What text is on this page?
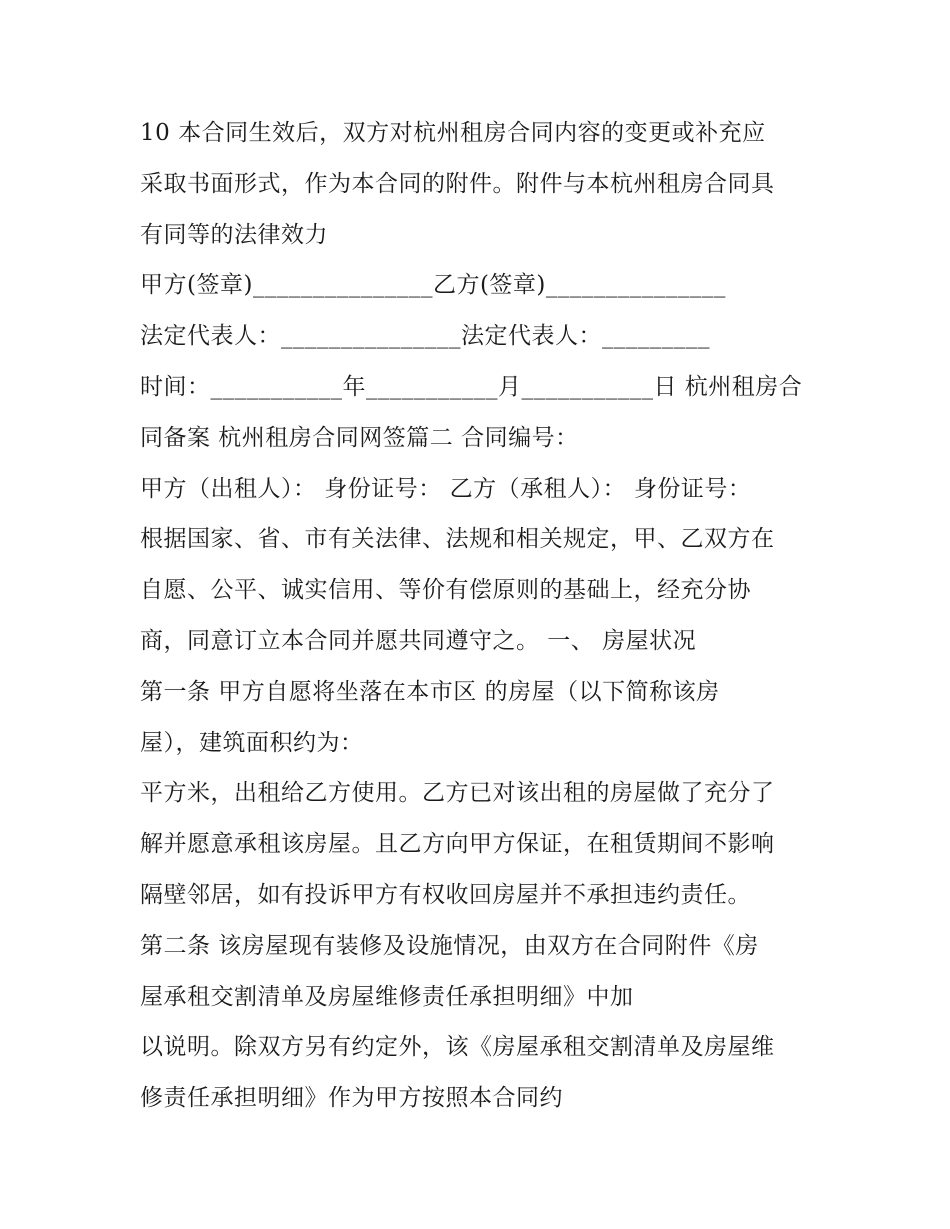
10 本合同生效后，双方对杭州租房合同内容的变更或补充应
采取书面形式，作为本合同的附件。附件与本杭州租房合同具
有同等的法律效力
甲方(签章)_______________乙方(签章)_______________
法定代表人：_______________法定代表人：_________
时间：___________年___________月___________日 杭州租房合
同备案 杭州租房合同网签篇二 合同编号：
甲方（出租人）： 身份证号： 乙方（承租人）： 身份证号：
根据国家、省、市有关法律、法规和相关规定，甲、乙双方在
自愿、公平、诚实信用、等价有偿原则的基础上，经充分协
商，同意订立本合同并愿共同遵守之。 一、 房屋状况
第一条 甲方自愿将坐落在本市区 的房屋（以下简称该房
屋），建筑面积约为：
平方米，出租给乙方使用。乙方已对该出租的房屋做了充分了
解并愿意承租该房屋。且乙方向甲方保证，在租赁期间不影响
隔壁邻居，如有投诉甲方有权收回房屋并不承担违约责任。
第二条 该房屋现有装修及设施情况，由双方在合同附件《房
屋承租交割清单及房屋维修责任承担明细》中加
以说明。除双方另有约定外，该《房屋承租交割清单及房屋维
修责任承担明细》作为甲方按照本合同约
